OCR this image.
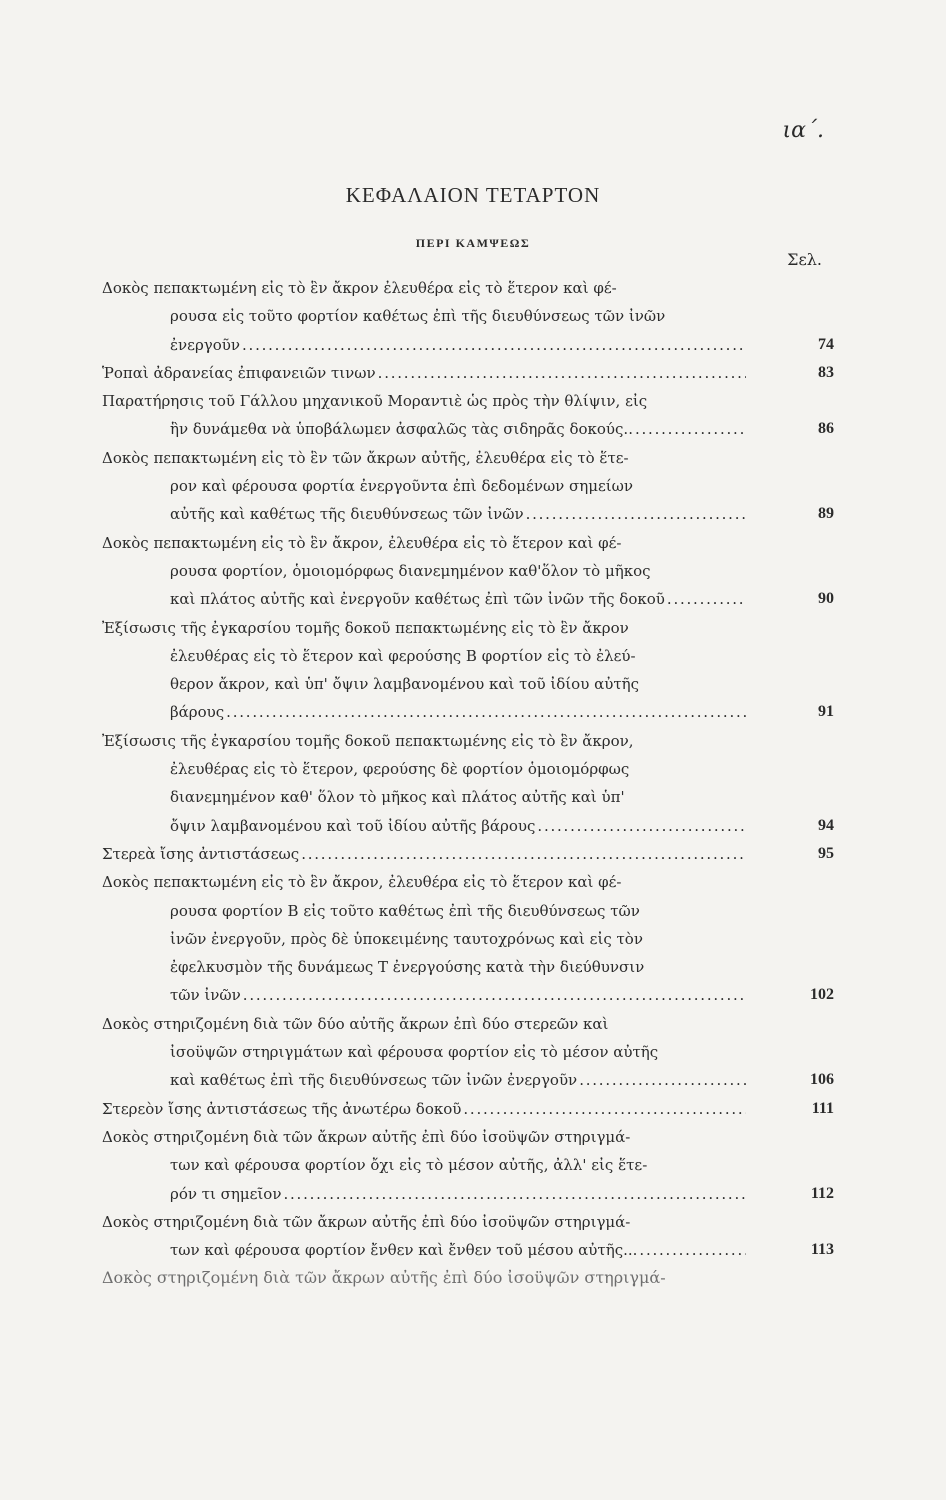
ια΄.
ΚΕΦΑΛΑΙΟΝ ΤΕΤΑΡΤΟΝ
ΠΕΡΙ ΚΑΜΨΕΩΣ
Σελ.
Δοκὸς πεπακτωμένη εἰς τὸ ἓν ἄκρον ἐλευθέρα εἰς τὸ ἕτερον καὶ φέ-
ρουσα εἰς τοῦτο φορτίον καθέτως ἐπὶ τῆς διευθύνσεως τῶν ἰνῶν
ἐνεργοῦν . . .	74
Ῥοπαὶ ἀδρανείας ἐπιφανειῶν τινων . . .	83
Παρατήρησις τοῦ Γάλλου μηχανικοῦ Μοραντιὲ ὡς πρὸς τὴν θλίψιν, εἰς
ἣν δυνάμεθα νὰ ὑποβάλωμεν ἀσφαλῶς τὰς σιδηρᾶς δοκούς.. . . .	86
Δοκὸς πεπακτωμένη εἰς τὸ ἓν τῶν ἄκρων αὐτῆς, ἐλευθέρα εἰς τὸ ἕτε-
ρον καὶ φέρουσα φορτία ἐνεργοῦντα ἐπὶ δεδομένων σημείων
αὐτῆς καὶ καθέτως τῆς διευθύνσεως τῶν ἰνῶν . . .	89
Δοκὸς πεπακτωμένη εἰς τὸ ἓν ἄκρον, ἐλευθέρα εἰς τὸ ἕτερον καὶ φέ-
ρουσα φορτίον, ὁμοιομόρφως διανεμημένον καθ'ὅλον τὸ μῆκος
καὶ πλάτος αὐτῆς καὶ ἐνεργοῦν καθέτως ἐπὶ τῶν ἰνῶν τῆς δοκοῦ . . .	90
Ἐξίσωσις τῆς ἐγκαρσίου τομῆς δοκοῦ πεπακτωμένης εἰς τὸ ἓν ἄκρον
ἐλευθέρας εἰς τὸ ἕτερον καὶ φερούσης Β φορτίον εἰς τὸ ἐλεύ-
θερον ἄκρον, καὶ ὑπ' ὄψιν λαμβανομένου καὶ τοῦ ἰδίου αὐτῆς
βάρους . . .	91
Ἐξίσωσις τῆς ἐγκαρσίου τομῆς δοκοῦ πεπακτωμένης εἰς τὸ ἓν ἄκρον,
ἐλευθέρας εἰς τὸ ἕτερον, φερούσης δὲ φορτίον ὁμοιομόρφως
διανεμημένον καθ' ὅλον τὸ μῆκος καὶ πλάτος αὐτῆς καὶ ὑπ'
ὄψιν λαμβανομένου καὶ τοῦ ἰδίου αὐτῆς βάρους . . .	94
Στερεὰ ἴσης ἀντιστάσεως . . .	95
Δοκὸς πεπακτωμένη εἰς τὸ ἓν ἄκρον, ἐλευθέρα εἰς τὸ ἕτερον καὶ φέ-
ρουσα φορτίον Β εἰς τοῦτο καθέτως ἐπὶ τῆς διευθύνσεως τῶν
ἰνῶν ἐνεργοῦν, πρὸς δὲ ὑποκειμένης ταυτοχρόνως καὶ εἰς τὸν
ἐφελκυσμὸν τῆς δυνάμεως Τ ἐνεργούσης κατὰ τὴν διεύθυνσιν
τῶν ἰνῶν . . .	102
Δοκὸς στηριζομένη διὰ τῶν δύο αὐτῆς ἄκρων ἐπὶ δύο στερεῶν καὶ
ἰσοϋψῶν στηριγμάτων καὶ φέρουσα φορτίον εἰς τὸ μέσον αὐτῆς
καὶ καθέτως ἐπὶ τῆς διευθύνσεως τῶν ἰνῶν ἐνεργοῦν . . .	106
Στερεὸν ἴσης ἀντιστάσεως τῆς ἀνωτέρω δοκοῦ . . .	111
Δοκὸς στηριζομένη διὰ τῶν ἄκρων αὐτῆς ἐπὶ δύο ἰσοϋψῶν στηριγμά-
των καὶ φέρουσα φορτίον ὄχι εἰς τὸ μέσον αὐτῆς, ἀλλ' εἰς ἕτε-
ρόν τι σημεῖον . . .	112
Δοκὸς στηριζομένη διὰ τῶν ἄκρων αὐτῆς ἐπὶ δύο ἰσοϋψῶν στηριγμά-
των καὶ φέρουσα φορτίον ἔνθεν καὶ ἔνθεν τοῦ μέσου αὐτῆς... . . .	113
Δοκὸς στηριζομένη διὰ τῶν ἄκρων αὐτῆς ἐπὶ δύο ἰσοϋψῶν στηριγμά-
